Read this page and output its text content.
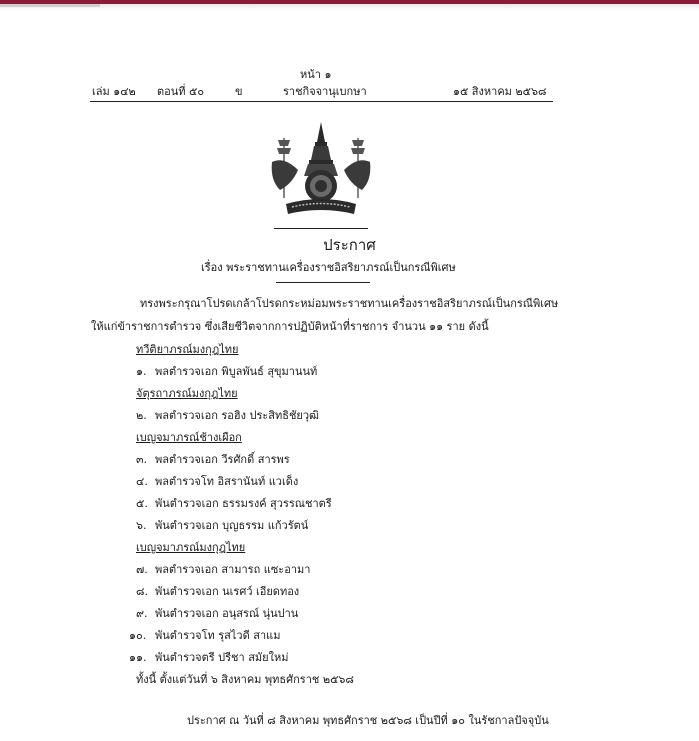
หน้า ๑
เล่ม ๑๔๒ ตอนที่ ๕๐	ข	ราชกิจจานุเบกษา	๑๕ สิงหาคม ๒๕๖๘
ประกาศ
เรื่อง พระราชทานเครื่องราชอิสริยาภรณ์เป็นกรณีพิเศษ
ทรงพระกรุณาโปรดเกล้าโปรดกระหม่อมพระราชทานเครื่องราชอิสริยาภรณ์เป็นกรณีพิเศษ
ให้แก่ข้าราชการตำรวจ ซึ่งเสียชีวิตจากการปฏิบัติหน้าที่ราชการ จำนวน ๑๑ ราย ดังนี้
ทวีติยาภรณ์มงกุฎไทย
๑. พลตำรวจเอก พิบูลพันธ์ สุขุมานนท์
จัตุรถาภรณ์มงกุฎไทย
๒. พลตำรวจเอก รอฮิง ประสิทธิชัยวุฒิ
เบญจมาภรณ์ช้างเผือก
๓. พลตำรวจเอก วีรศักดิ์ สารพร
๔. พลตำรวจโท อิสรานันท์ แวเด็ง
๕. พันตำรวจเอก ธรรมรงค์ สุวรรณชาตรี
๖. พันตำรวจเอก บุญธรรม แก้วรัตน์
เบญจมาภรณ์มงกุฎไทย
๗. พลตำรวจเอก สามารถ แซะอามา
๘. พันตำรวจเอก นเรศว์ เอียดทอง
๙. พันตำรวจเอก อนุสรณ์ นุ่นปาน
๑๐. พันตำรวจโท รุสไวดี สาแม
๑๑. พันตำรวจตรี ปรีชา สมัยใหม่
ทั้งนี้ ตั้งแต่วันที่ ๖ สิงหาคม พุทธศักราช ๒๕๖๘
ประกาศ ณ วันที่ ๘ สิงหาคม พุทธศักราช ๒๕๖๘ เป็นปีที่ ๑๐ ในรัชกาลปัจจุบัน
